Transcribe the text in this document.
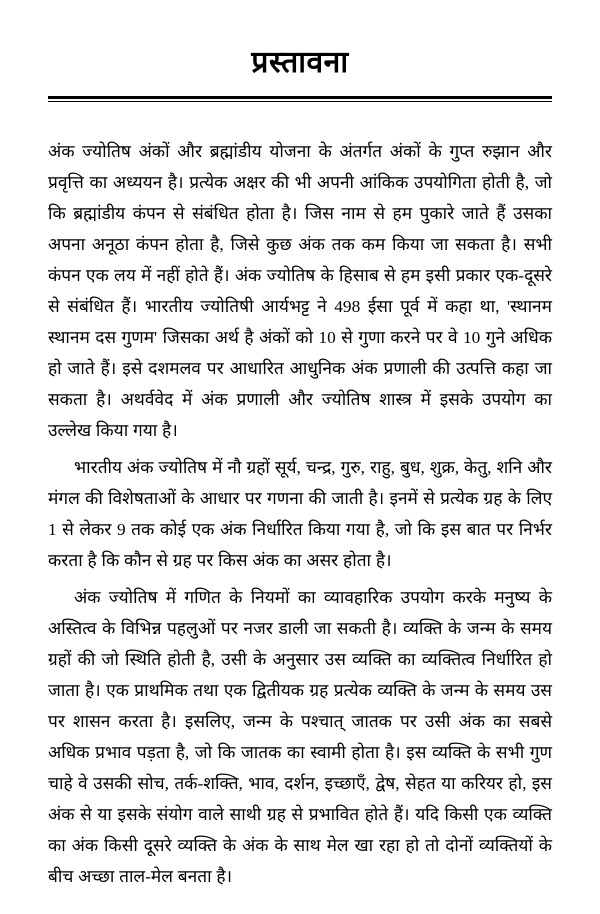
प्रस्तावना

अंक ज्योतिष अंकों और ब्रह्मांडीय योजना के अंतर्गत अंकों के गुप्त रुझान और प्रवृत्ति का अध्ययन है। प्रत्येक अक्षर की भी अपनी आंकिक उपयोगिता होती है, जो कि ब्रह्मांडीय कंपन से संबंधित होता है। जिस नाम से हम पुकारे जाते हैं उसका अपना अनूठा कंपन होता है, जिसे कुछ अंक तक कम किया जा सकता है। सभी कंपन एक लय में नहीं होते हैं। अंक ज्योतिष के हिसाब से हम इसी प्रकार एक-दूसरे से संबंधित हैं। भारतीय ज्योतिषी आर्यभट्ट ने 498 ईसा पूर्व में कहा था, 'स्थानम स्थानम दस गुणम' जिसका अर्थ है अंकों को 10 से गुणा करने पर वे 10 गुने अधिक हो जाते हैं। इसे दशमलव पर आधारित आधुनिक अंक प्रणाली की उत्पत्ति कहा जा सकता है। अथर्ववेद में अंक प्रणाली और ज्योतिष शास्त्र में इसके उपयोग का उल्लेख किया गया है।

भारतीय अंक ज्योतिष में नौ ग्रहों सूर्य, चन्द्र, गुरु, राहु, बुध, शुक्र, केतु, शनि और मंगल की विशेषताओं के आधार पर गणना की जाती है। इनमें से प्रत्येक ग्रह के लिए 1 से लेकर 9 तक कोई एक अंक निर्धारित किया गया है, जो कि इस बात पर निर्भर करता है कि कौन से ग्रह पर किस अंक का असर होता है।

अंक ज्योतिष में गणित के नियमों का व्यावहारिक उपयोग करके मनुष्य के अस्तित्व के विभिन्न पहलुओं पर नजर डाली जा सकती है। व्यक्ति के जन्म के समय ग्रहों की जो स्थिति होती है, उसी के अनुसार उस व्यक्ति का व्यक्तित्व निर्धारित हो जाता है। एक प्राथमिक तथा एक द्वितीयक ग्रह प्रत्येक व्यक्ति के जन्म के समय उस पर शासन करता है। इसलिए, जन्म के पश्चात् जातक पर उसी अंक का सबसे अधिक प्रभाव पड़ता है, जो कि जातक का स्वामी होता है। इस व्यक्ति के सभी गुण चाहे वे उसकी सोच, तर्क-शक्ति, भाव, दर्शन, इच्छाएँ, द्वेष, सेहत या करियर हो, इस अंक से या इसके संयोग वाले साथी ग्रह से प्रभावित होते हैं। यदि किसी एक व्यक्ति का अंक किसी दूसरे व्यक्ति के अंक के साथ मेल खा रहा हो तो दोनों व्यक्तियों के बीच अच्छा ताल-मेल बनता है।
